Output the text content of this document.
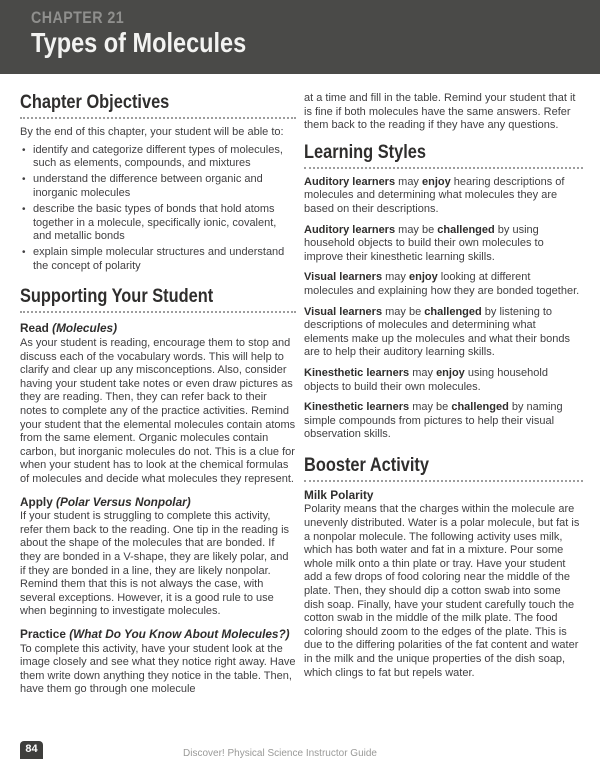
CHAPTER 21
Types of Molecules
Chapter Objectives

By the end of this chapter, your student will be able to:

• identify and categorize different types of molecules, such as elements, compounds, and mixtures
• understand the difference between organic and inorganic molecules
• describe the basic types of bonds that hold atoms together in a molecule, specifically ionic, covalent, and metallic bonds
• explain simple molecular structures and understand the concept of polarity
Supporting Your Student

Read (Molecules)

As your student is reading, encourage them to stop and discuss each of the vocabulary words. This will help to clarify and clear up any misconceptions. Also, consider having your student take notes or even draw pictures as they are reading. Then, they can refer back to their notes to complete any of the practice activities. Remind your student that the elemental molecules contain atoms from the same element. Organic molecules contain carbon, but inorganic molecules do not. This is a clue for when your student has to look at the chemical formulas of molecules and decide what molecules they represent.

Apply (Polar Versus Nonpolar)

If your student is struggling to complete this activity, refer them back to the reading. One tip in the reading is about the shape of the molecules that are bonded. If they are bonded in a V-shape, they are likely polar, and if they are bonded in a line, they are likely nonpolar. Remind them that this is not always the case, with several exceptions. However, it is a good rule to use when beginning to investigate molecules.

Practice (What Do You Know About Molecules?)

To complete this activity, have your student look at the image closely and see what they notice right away. Have them write down anything they notice in the table. Then, have them go through one molecule

at a time and fill in the table. Remind your student that it is fine if both molecules have the same answers. Refer them back to the reading if they have any questions.

Learning Styles

Auditory learners may enjoy hearing descriptions of molecules and determining what molecules they are based on their descriptions.

Auditory learners may be challenged by using household objects to build their own molecules to improve their kinesthetic learning skills.

Visual learners may enjoy looking at different molecules and explaining how they are bonded together.

Visual learners may be challenged by listening to descriptions of molecules and determining what elements make up the molecules and what their bonds are to help their auditory learning skills.

Kinesthetic learners may enjoy using household objects to build their own molecules.

Kinesthetic learners may be challenged by naming simple compounds from pictures to help their visual observation skills.

Booster Activity

Milk Polarity

Polarity means that the charges within the molecule are unevenly distributed. Water is a polar molecule, but fat is a nonpolar molecule. The following activity uses milk, which has both water and fat in a mixture. Pour some whole milk onto a thin plate or tray. Have your student add a few drops of food coloring near the middle of the plate. Then, they should dip a cotton swab into some dish soap. Finally, have your student carefully touch the cotton swab in the middle of the milk plate. The food coloring should zoom to the edges of the plate. This is due to the differing polarities of the fat content and water in the milk and the unique properties of the dish soap, which clings to fat but repels water.

84	Discover! Physical Science Instructor Guide
